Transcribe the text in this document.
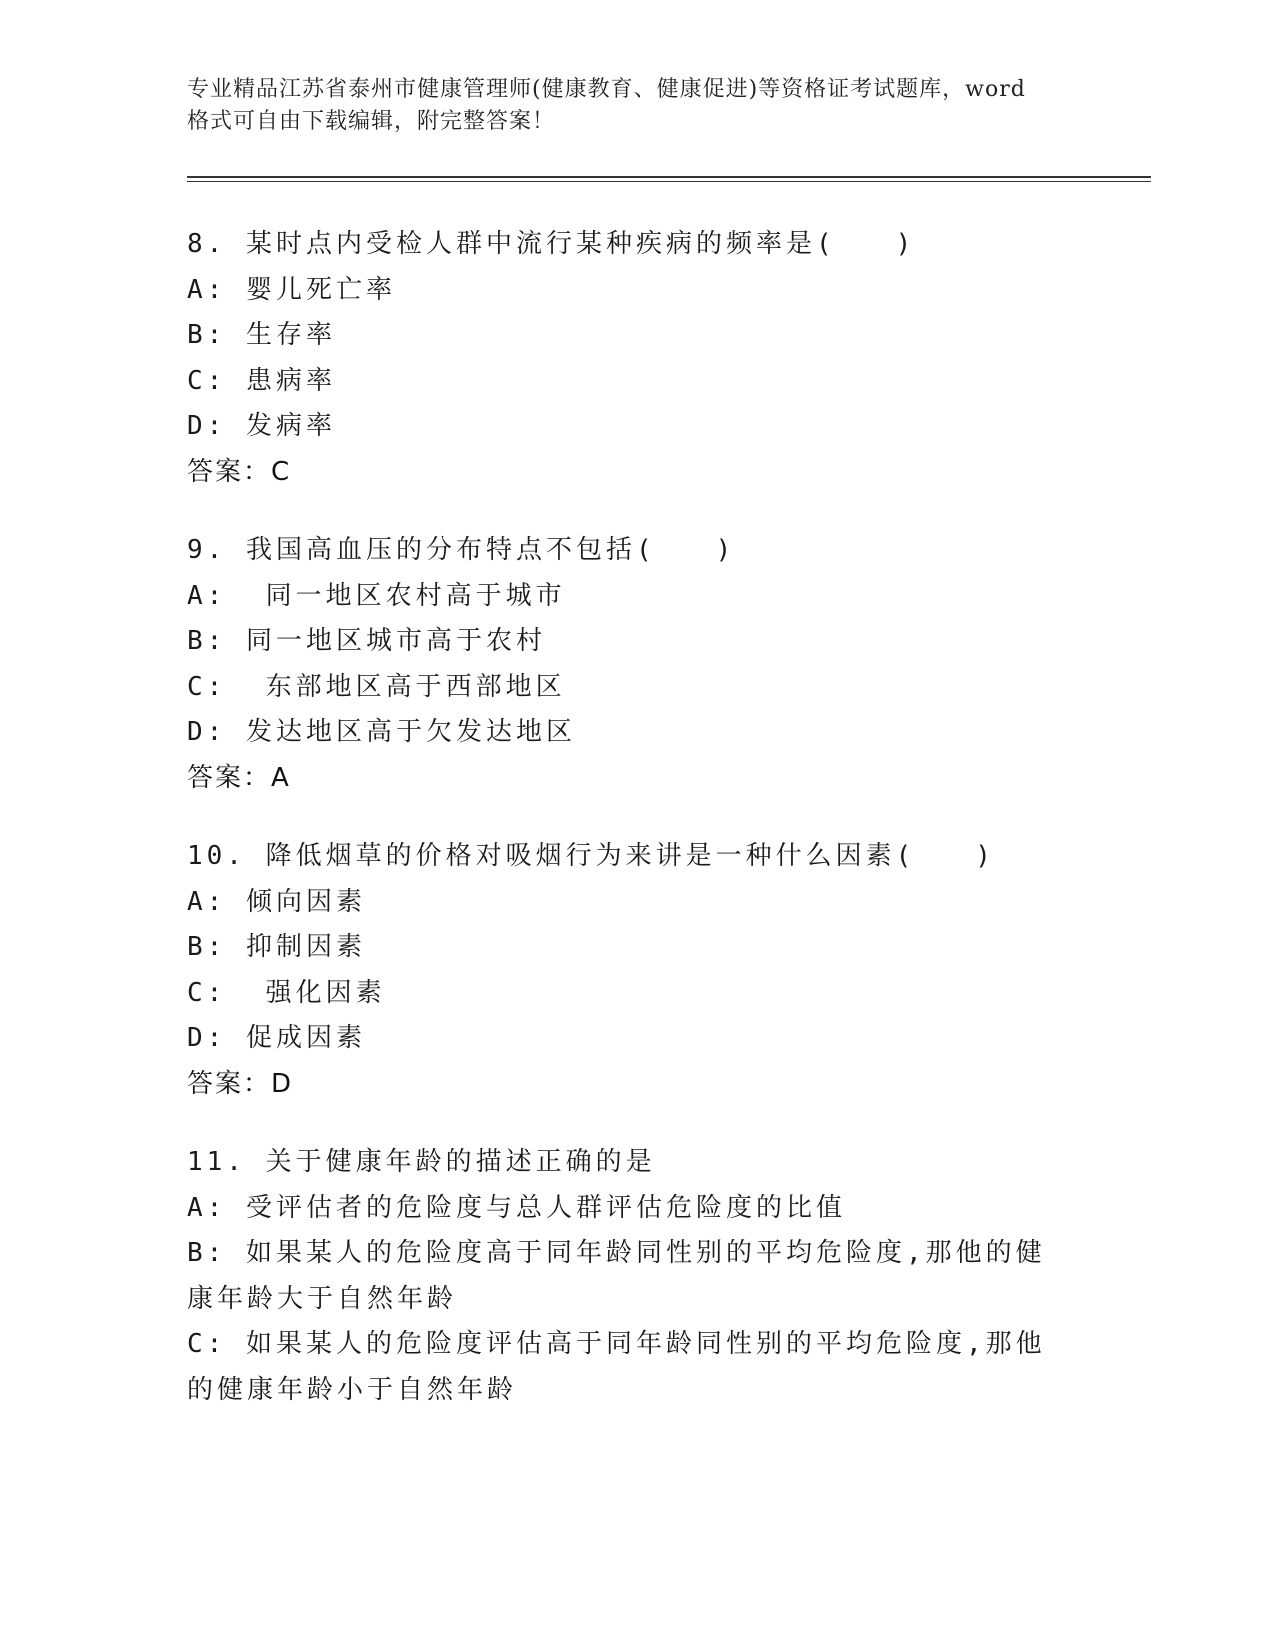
专业精品江苏省泰州市健康管理师(健康教育、健康促进)等资格证考试题库，word
格式可自由下载编辑，附完整答案！
8. 某时点内受检人群中流行某种疾病的频率是(　　)
A: 婴儿死亡率
B: 生存率
C: 患病率
D: 发病率
答案：C
9. 我国高血压的分布特点不包括(　　)
A:  同一地区农村高于城市
B: 同一地区城市高于农村
C:  东部地区高于西部地区
D: 发达地区高于欠发达地区
答案：A
10. 降低烟草的价格对吸烟行为来讲是一种什么因素(　　)
A: 倾向因素
B: 抑制因素
C:  强化因素
D: 促成因素
答案：D
11. 关于健康年龄的描述正确的是
A: 受评估者的危险度与总人群评估危险度的比值
B: 如果某人的危险度高于同年龄同性别的平均危险度,那他的健康年龄大于自然年龄
C: 如果某人的危险度评估高于同年龄同性别的平均危险度,那他的健康年龄小于自然年龄
